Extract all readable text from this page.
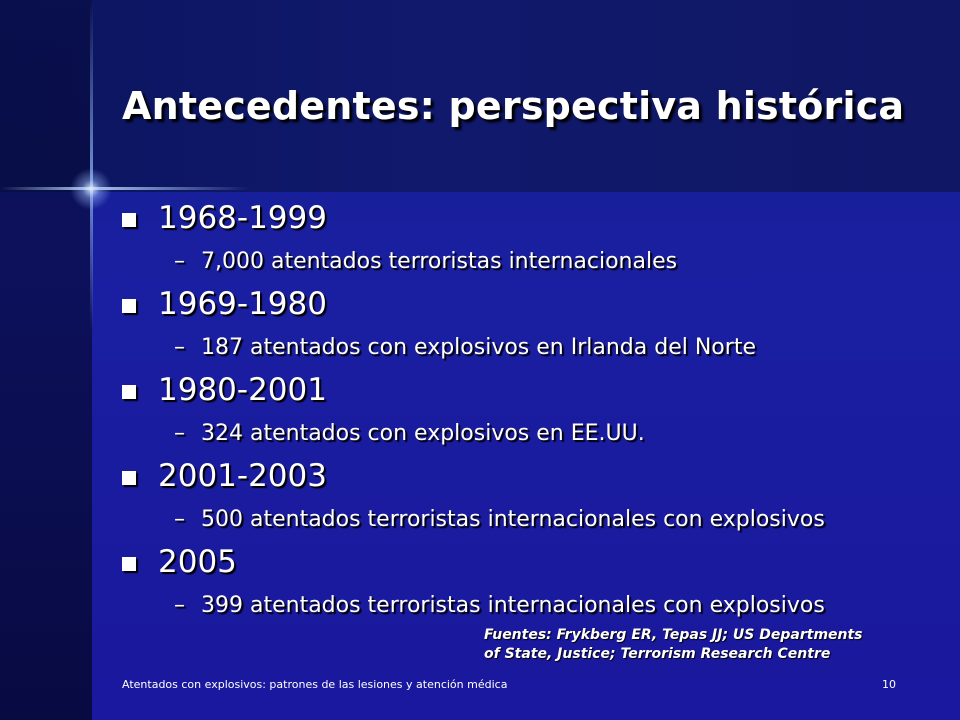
Antecedentes: perspectiva histórica
1968-1999
– 7,000 atentados terroristas internacionales
1969-1980
– 187 atentados con explosivos en Irlanda del Norte
1980-2001
– 324 atentados con explosivos en EE.UU.
2001-2003
– 500 atentados terroristas internacionales con explosivos
2005
– 399 atentados terroristas internacionales con explosivos
Fuentes: Frykberg ER, Tepas JJ; US Departments
of State, Justice; Terrorism Research Centre
Atentados con explosivos: patrones de las lesiones y atención médica	10
